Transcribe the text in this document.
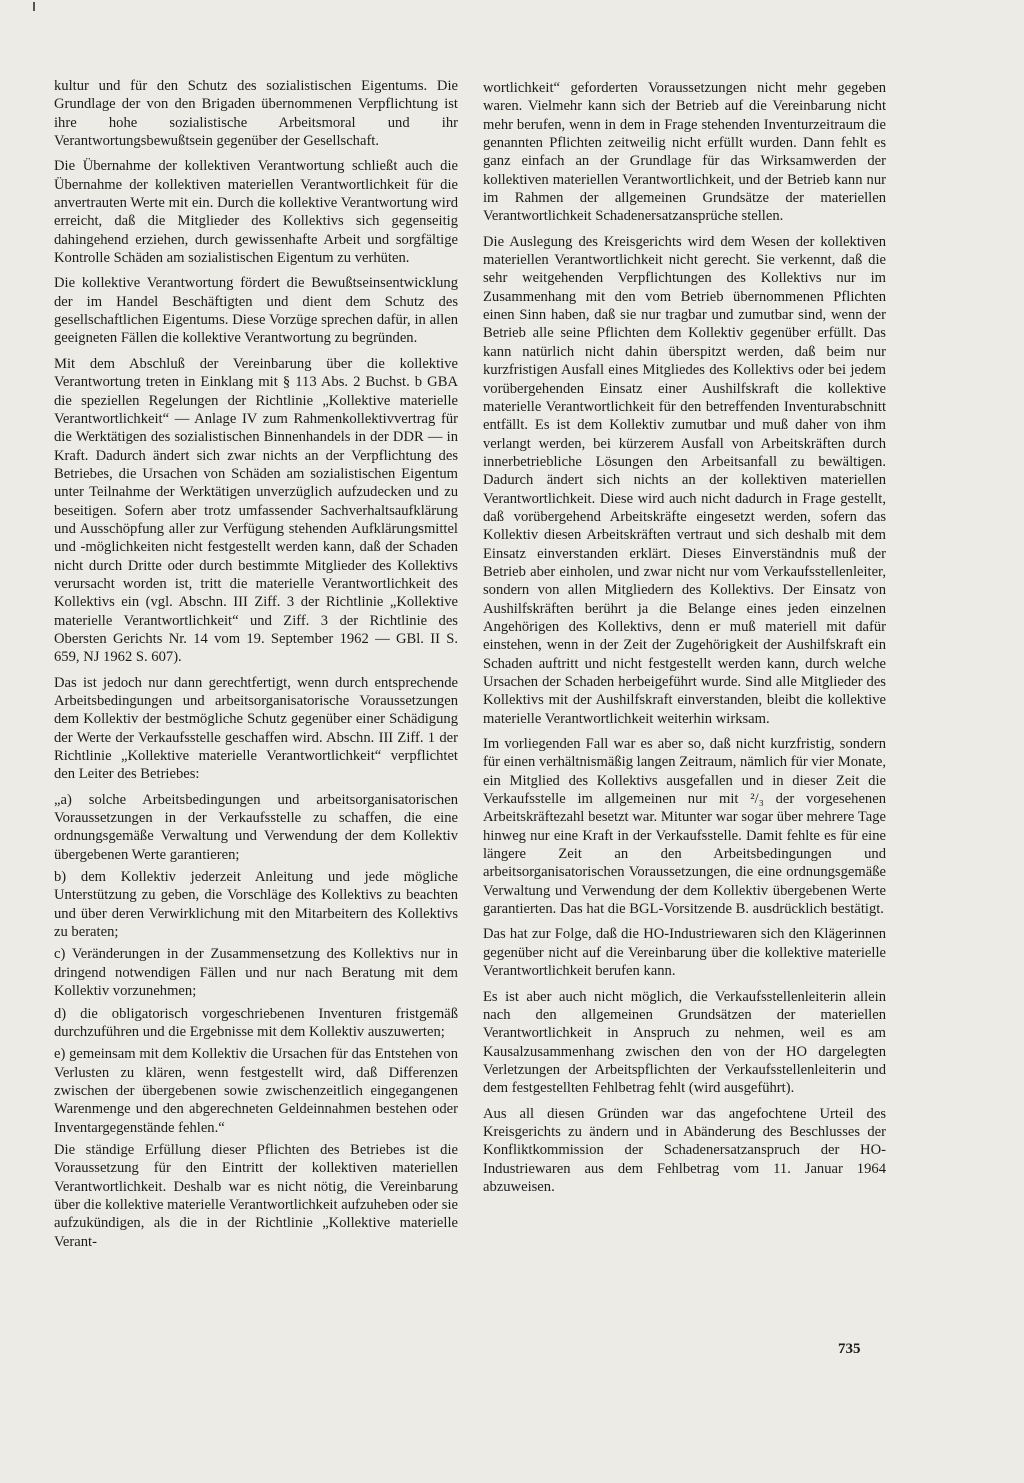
kultur und für den Schutz des sozialistischen Eigentums. Die Grundlage der von den Brigaden übernommenen Verpflichtung ist ihre hohe sozialistische Arbeitsmoral und ihr Verantwortungsbewußtsein gegenüber der Gesellschaft.

Die Übernahme der kollektiven Verantwortung schließt auch die Übernahme der kollektiven materiellen Verantwortlichkeit für die anvertrauten Werte mit ein. Durch die kollektive Verantwortung wird erreicht, daß die Mitglieder des Kollektivs sich gegenseitig dahingehend erziehen, durch gewissenhafte Arbeit und sorgfältige Kontrolle Schäden am sozialistischen Eigentum zu verhüten.

Die kollektive Verantwortung fördert die Bewußtseinsentwicklung der im Handel Beschäftigten und dient dem Schutz des gesellschaftlichen Eigentums. Diese Vorzüge sprechen dafür, in allen geeigneten Fällen die kollektive Verantwortung zu begründen.

Mit dem Abschluß der Vereinbarung über die kollektive Verantwortung treten in Einklang mit § 113 Abs. 2 Buchst. b GBA die speziellen Regelungen der Richtlinie „Kollektive materielle Verantwortlichkeit“ — Anlage IV zum Rahmenkollektivvertrag für die Werktätigen des sozialistischen Binnenhandels in der DDR — in Kraft. Dadurch ändert sich zwar nichts an der Verpflichtung des Betriebes, die Ursachen von Schäden am sozialistischen Eigentum unter Teilnahme der Werktätigen unverzüglich aufzudecken und zu beseitigen. Sofern aber trotz umfassender Sachverhaltsaufklärung und Ausschöpfung aller zur Verfügung stehenden Aufklärungsmittel und -möglichkeiten nicht festgestellt werden kann, daß der Schaden nicht durch Dritte oder durch bestimmte Mitglieder des Kollektivs verursacht worden ist, tritt die materielle Verantwortlichkeit des Kollektivs ein (vgl. Abschn. III Ziff. 3 der Richtlinie „Kollektive materielle Verantwortlichkeit“ und Ziff. 3 der Richtlinie des Obersten Gerichts Nr. 14 vom 19. September 1962 — GBl. II S. 659, NJ 1962 S. 607).

Das ist jedoch nur dann gerechtfertigt, wenn durch entsprechende Arbeitsbedingungen und arbeitsorganisatorische Voraussetzungen dem Kollektiv der bestmögliche Schutz gegenüber einer Schädigung der Werte der Verkaufsstelle geschaffen wird. Abschn. III Ziff. 1 der Richtlinie „Kollektive materielle Verantwortlichkeit“ verpflichtet den Leiter des Betriebes:

„a) solche Arbeitsbedingungen und arbeitsorganisatorischen Voraussetzungen in der Verkaufsstelle zu schaffen, die eine ordnungsgemäße Verwaltung und Verwendung der dem Kollektiv übergebenen Werte garantieren;

b) dem Kollektiv jederzeit Anleitung und jede mögliche Unterstützung zu geben, die Vorschläge des Kollektivs zu beachten und über deren Verwirklichung mit den Mitarbeitern des Kollektivs zu beraten;

c) Veränderungen in der Zusammensetzung des Kollektivs nur in dringend notwendigen Fällen und nur nach Beratung mit dem Kollektiv vorzunehmen;

d) die obligatorisch vorgeschriebenen Inventuren fristgemäß durchzuführen und die Ergebnisse mit dem Kollektiv auszuwerten;

e) gemeinsam mit dem Kollektiv die Ursachen für das Entstehen von Verlusten zu klären, wenn festgestellt wird, daß Differenzen zwischen der übergebenen sowie zwischenzeitlich eingegangenen Warenmenge und den abgerechneten Geldeinnahmen bestehen oder Inventargegenstände fehlen.“

Die ständige Erfüllung dieser Pflichten des Betriebes ist die Voraussetzung für den Eintritt der kollektiven materiellen Verantwortlichkeit. Deshalb war es nicht nötig, die Vereinbarung über die kollektive materielle Verantwortlichkeit aufzuheben oder sie aufzukündigen, als die in der Richtlinie „Kollektive materielle Verant-

wortlichkeit“ geforderten Voraussetzungen nicht mehr gegeben waren. Vielmehr kann sich der Betrieb auf die Vereinbarung nicht mehr berufen, wenn in dem in Frage stehenden Inventurzeitraum die genannten Pflichten zeitweilig nicht erfüllt wurden. Dann fehlt es ganz einfach an der Grundlage für das Wirksamwerden der kollektiven materiellen Verantwortlichkeit, und der Betrieb kann nur im Rahmen der allgemeinen Grundsätze der materiellen Verantwortlichkeit Schadenersatzansprüche stellen.

Die Auslegung des Kreisgerichts wird dem Wesen der kollektiven materiellen Verantwortlichkeit nicht gerecht. Sie verkennt, daß die sehr weitgehenden Verpflichtungen des Kollektivs nur im Zusammenhang mit den vom Betrieb übernommenen Pflichten einen Sinn haben, daß sie nur tragbar und zumutbar sind, wenn der Betrieb alle seine Pflichten dem Kollektiv gegenüber erfüllt. Das kann natürlich nicht dahin überspitzt werden, daß beim nur kurzfristigen Ausfall eines Mitgliedes des Kollektivs oder bei jedem vorübergehenden Einsatz einer Aushilfskraft die kollektive materielle Verantwortlichkeit für den betreffenden Inventurabschnitt entfällt. Es ist dem Kollektiv zumutbar und muß daher von ihm verlangt werden, bei kürzerem Ausfall von Arbeitskräften durch innerbetriebliche Lösungen den Arbeitsanfall zu bewältigen. Dadurch ändert sich nichts an der kollektiven materiellen Verantwortlichkeit. Diese wird auch nicht dadurch in Frage gestellt, daß vorübergehend Arbeitskräfte eingesetzt werden, sofern das Kollektiv diesen Arbeitskräften vertraut und sich deshalb mit dem Einsatz einverstanden erklärt. Dieses Einverständnis muß der Betrieb aber einholen, und zwar nicht nur vom Verkaufsstellenleiter, sondern von allen Mitgliedern des Kollektivs. Der Einsatz von Aushilfskräften berührt ja die Belange eines jeden einzelnen Angehörigen des Kollektivs, denn er muß materiell mit dafür einstehen, wenn in der Zeit der Zugehörigkeit der Aushilfskraft ein Schaden auftritt und nicht festgestellt werden kann, durch welche Ursachen der Schaden herbeigeführt wurde. Sind alle Mitglieder des Kollektivs mit der Aushilfskraft einverstanden, bleibt die kollektive materielle Verantwortlichkeit weiterhin wirksam.

Im vorliegenden Fall war es aber so, daß nicht kurzfristig, sondern für einen verhältnismäßig langen Zeitraum, nämlich für vier Monate, ein Mitglied des Kollektivs ausgefallen und in dieser Zeit die Verkaufsstelle im allgemeinen nur mit ²/₃ der vorgesehenen Arbeitskräftezahl besetzt war. Mitunter war sogar über mehrere Tage hinweg nur eine Kraft in der Verkaufsstelle. Damit fehlte es für eine längere Zeit an den Arbeitsbedingungen und arbeitsorganisatorischen Voraussetzungen, die eine ordnungsgemäße Verwaltung und Verwendung der dem Kollektiv übergebenen Werte garantierten. Das hat die BGL-Vorsitzende B. ausdrücklich bestätigt.

Das hat zur Folge, daß die HO-Industriewaren sich den Klägerinnen gegenüber nicht auf die Vereinbarung über die kollektive materielle Verantwortlichkeit berufen kann.

Es ist aber auch nicht möglich, die Verkaufsstellenleiterin allein nach den allgemeinen Grundsätzen der materiellen Verantwortlichkeit in Anspruch zu nehmen, weil es am Kausalzusammenhang zwischen den von der HO dargelegten Verletzungen der Arbeitspflichten der Verkaufsstellenleiterin und dem festgestellten Fehlbetrag fehlt (wird ausgeführt).

Aus all diesen Gründen war das angefochtene Urteil des Kreisgerichts zu ändern und in Abänderung des Beschlusses der Konfliktkommission der Schadenersatzanspruch der HO-Industriewaren aus dem Fehlbetrag vom 11. Januar 1964 abzuweisen.

735
